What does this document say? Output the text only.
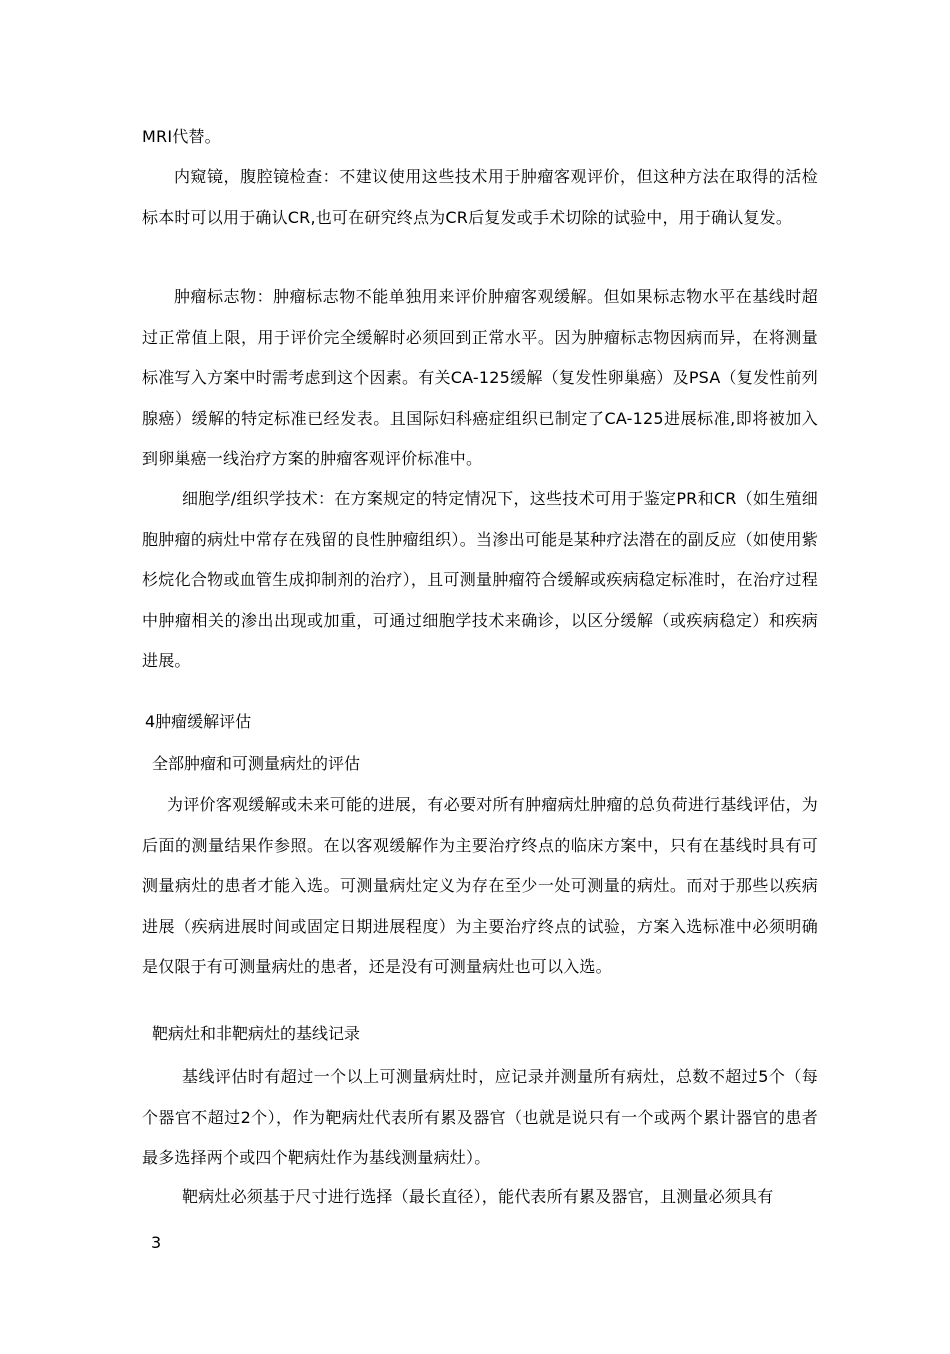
MRI代替。

内窥镜，腹腔镜检查：不建议使用这些技术用于肿瘤客观评价，但这种方法在取得的活检标本时可以用于确认CR,也可在研究终点为CR后复发或手术切除的试验中，用于确认复发。

肿瘤标志物：肿瘤标志物不能单独用来评价肿瘤客观缓解。但如果标志物水平在基线时超过正常值上限，用于评价完全缓解时必须回到正常水平。因为肿瘤标志物因病而异，在将测量标准写入方案中时需考虑到这个因素。有关CA-125缓解（复发性卵巢癌）及PSA（复发性前列腺癌）缓解的特定标准已经发表。且国际妇科癌症组织已制定了CA-125进展标准,即将被加入到卵巢癌一线治疗方案的肿瘤客观评价标准中。

细胞学/组织学技术：在方案规定的特定情况下，这些技术可用于鉴定PR和CR（如生殖细胞肿瘤的病灶中常存在残留的良性肿瘤组织）。当渗出可能是某种疗法潜在的副反应（如使用紫杉烷化合物或血管生成抑制剂的治疗），且可测量肿瘤符合缓解或疾病稳定标准时，在治疗过程中肿瘤相关的渗出出现或加重，可通过细胞学技术来确诊，以区分缓解（或疾病稳定）和疾病进展。

4肿瘤缓解评估

全部肿瘤和可测量病灶的评估

为评价客观缓解或未来可能的进展，有必要对所有肿瘤病灶肿瘤的总负荷进行基线评估，为后面的测量结果作参照。在以客观缓解作为主要治疗终点的临床方案中，只有在基线时具有可测量病灶的患者才能入选。可测量病灶定义为存在至少一处可测量的病灶。而对于那些以疾病进展（疾病进展时间或固定日期进展程度）为主要治疗终点的试验，方案入选标准中必须明确是仅限于有可测量病灶的患者，还是没有可测量病灶也可以入选。

靶病灶和非靶病灶的基线记录

基线评估时有超过一个以上可测量病灶时，应记录并测量所有病灶，总数不超过5个（每个器官不超过2个），作为靶病灶代表所有累及器官（也就是说只有一个或两个累计器官的患者最多选择两个或四个靶病灶作为基线测量病灶）。

靶病灶必须基于尺寸进行选择（最长直径），能代表所有累及器官，且测量必须具有

3
